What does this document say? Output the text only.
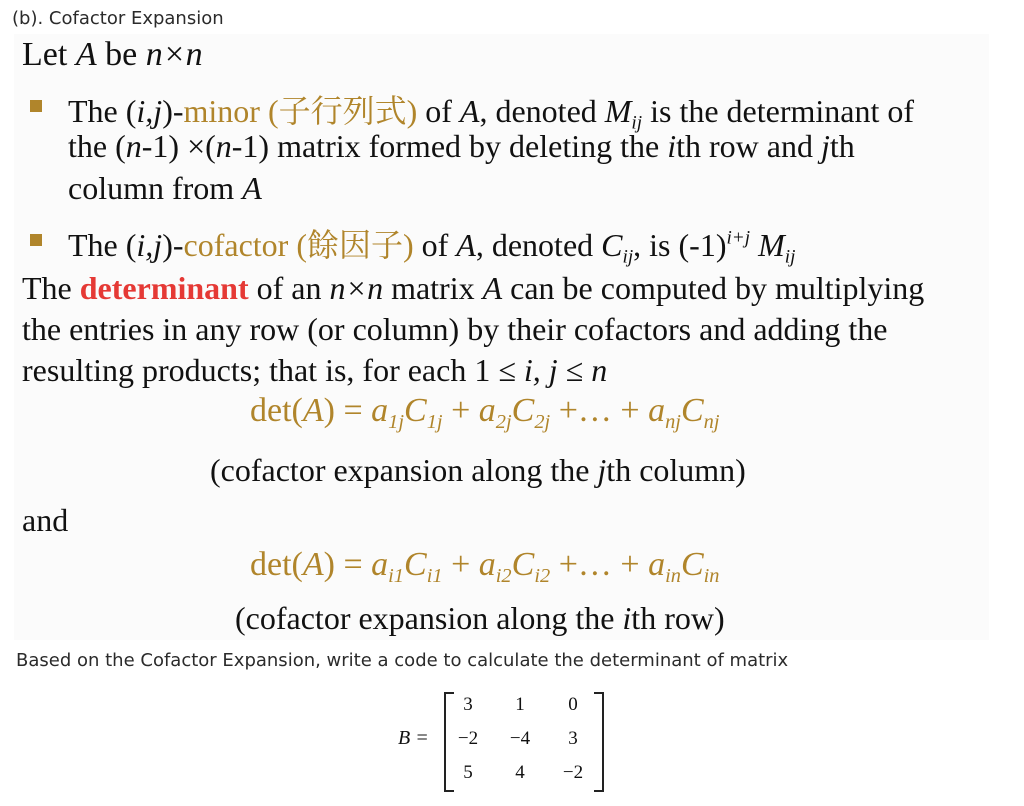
(b). Cofactor Expansion
Let A be n×n
The (i,j)-minor (子行列式) of A, denoted $M_{ij}$ is the determinant of
the (n-1) ×(n-1) matrix formed by deleting the ith row and jth
column from A
The (i,j)-cofactor (餘因子) of A, denoted $C_{ij}$, is $(-1)^{i+j}$ $M_{ij}$
The determinant of an n×n matrix A can be computed by multiplying
the entries in any row (or column) by their cofactors and adding the
resulting products; that is, for each 1 ≤ i, j ≤ n
$\det(A) = a_{1j}C_{1j} + a_{2j}C_{2j}$ +… + $a_{nj}C_{nj}$
(cofactor expansion along the jth column)
and
$\det(A) = a_{i1}C_{i1} + a_{i2}C_{i2}$ +… + $a_{in}C_{in}$
(cofactor expansion along the ith row)
Based on the Cofactor Expansion, write a code to calculate the determinant of matrix
B =
3	1	0
−2	−4	3
5	4	−2
